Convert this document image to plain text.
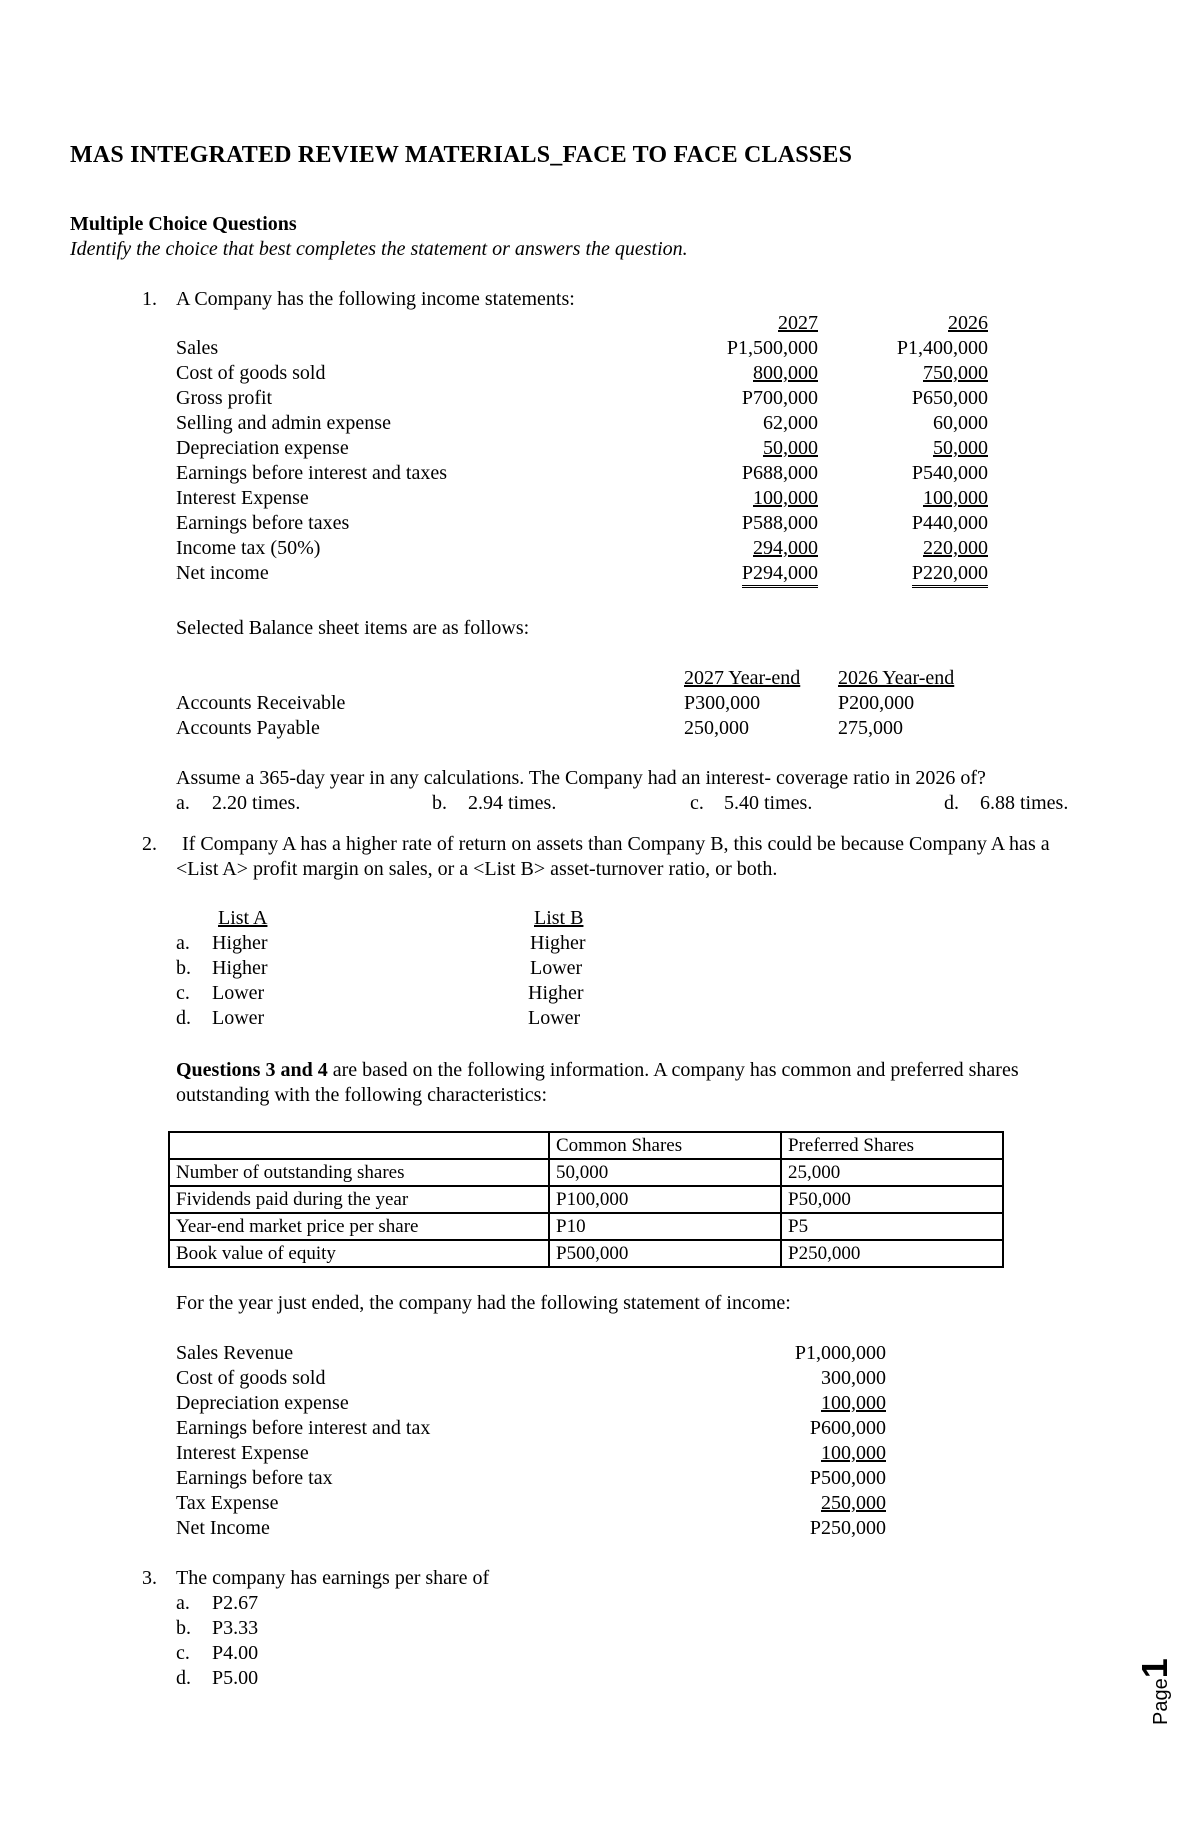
MAS INTEGRATED REVIEW MATERIALS_FACE TO FACE CLASSES
Multiple Choice Questions
Identify the choice that best completes the statement or answers the question.
1. A Company has the following income statements:
2027	2026
Sales	P1,500,000	P1,400,000
Cost of goods sold	800,000	750,000
Gross profit	P700,000	P650,000
Selling and admin expense	62,000	60,000
Depreciation expense	50,000	50,000
Earnings before interest and taxes	P688,000	P540,000
Interest Expense	100,000	100,000
Earnings before taxes	P588,000	P440,000
Income tax (50%)	294,000	220,000
Net income	P294,000	P220,000
Selected Balance sheet items are as follows:
2027 Year-end 2026 Year-end
Accounts Receivable	P300,000	P200,000
Accounts Payable	250,000	275,000
Assume a 365-day year in any calculations. The Company had an interest- coverage ratio in 2026 of?
a. 2.20 times.	b. 2.94 times.	c. 5.40 times.	d. 6.88 times.
2. If Company A has a higher rate of return on assets than Company B, this could be because Company A has a
<List A> profit margin on sales, or a <List B> asset-turnover ratio, or both.
List A	List B
a. Higher	Higher
b. Higher	Lower
c. Lower	Higher
d. Lower	Lower
Questions 3 and 4 are based on the following information. A company has common and preferred shares
outstanding with the following characteristics:
	Common Shares	Preferred Shares
Number of outstanding shares	50,000	25,000
Fividends paid during the year	P100,000	P50,000
Year-end market price per share	P10	P5
Book value of equity	P500,000	P250,000
For the year just ended, the company had the following statement of income:
Sales Revenue	P1,000,000
Cost of goods sold	300,000
Depreciation expense	100,000
Earnings before interest and tax	P600,000
Interest Expense	100,000
Earnings before tax	P500,000
Tax Expense	250,000
Net Income	P250,000
3. The company has earnings per share of
a. P2.67
b. P3.33
c. P4.00
d. P5.00
Page1
